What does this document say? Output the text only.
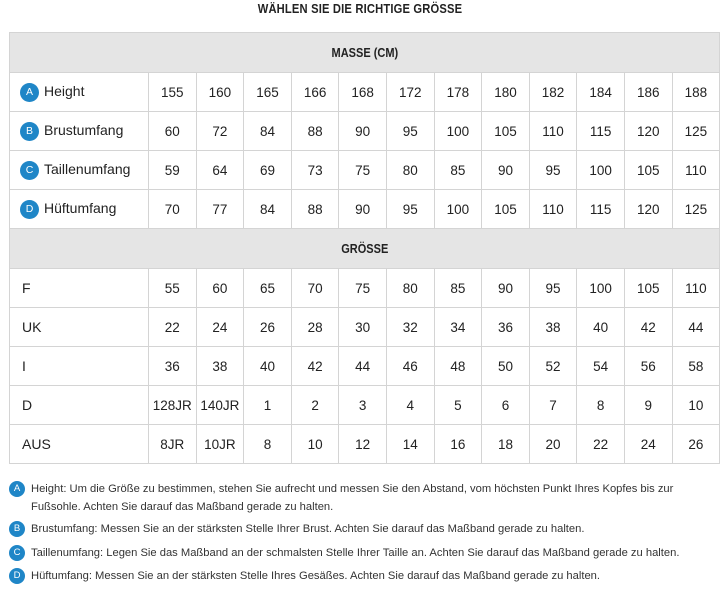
WÄHLEN SIE DIE RICHTIGE GRÖSSE
MASSE (CM)												
A Height	155	160	165	166	168	172	178	180	182	184	186	188
B Brustumfang	60	72	84	88	90	95	100	105	110	115	120	125
C Taillenumfang	59	64	69	73	75	80	85	90	95	100	105	110
D Hüftumfang	70	77	84	88	90	95	100	105	110	115	120	125
GRÖSSE												
F	55	60	65	70	75	80	85	90	95	100	105	110
UK	22	24	26	28	30	32	34	36	38	40	42	44
I	36	38	40	42	44	46	48	50	52	54	56	58
D	128JR	140JR	1	2	3	4	5	6	7	8	9	10
AUS	8JR	10JR	8	10	12	14	16	18	20	22	24	26
A Height: Um die Größe zu bestimmen, stehen Sie aufrecht und messen Sie den Abstand, vom höchsten Punkt Ihres Kopfes bis zur Fußsohle. Achten Sie darauf das Maßband gerade zu halten.
B Brustumfang: Messen Sie an der stärksten Stelle Ihrer Brust. Achten Sie darauf das Maßband gerade zu halten.
C Taillenumfang: Legen Sie das Maßband an der schmalsten Stelle Ihrer Taille an. Achten Sie darauf das Maßband gerade zu halten.
D Hüftumfang: Messen Sie an der stärksten Stelle Ihres Gesäßes. Achten Sie darauf das Maßband gerade zu halten.
